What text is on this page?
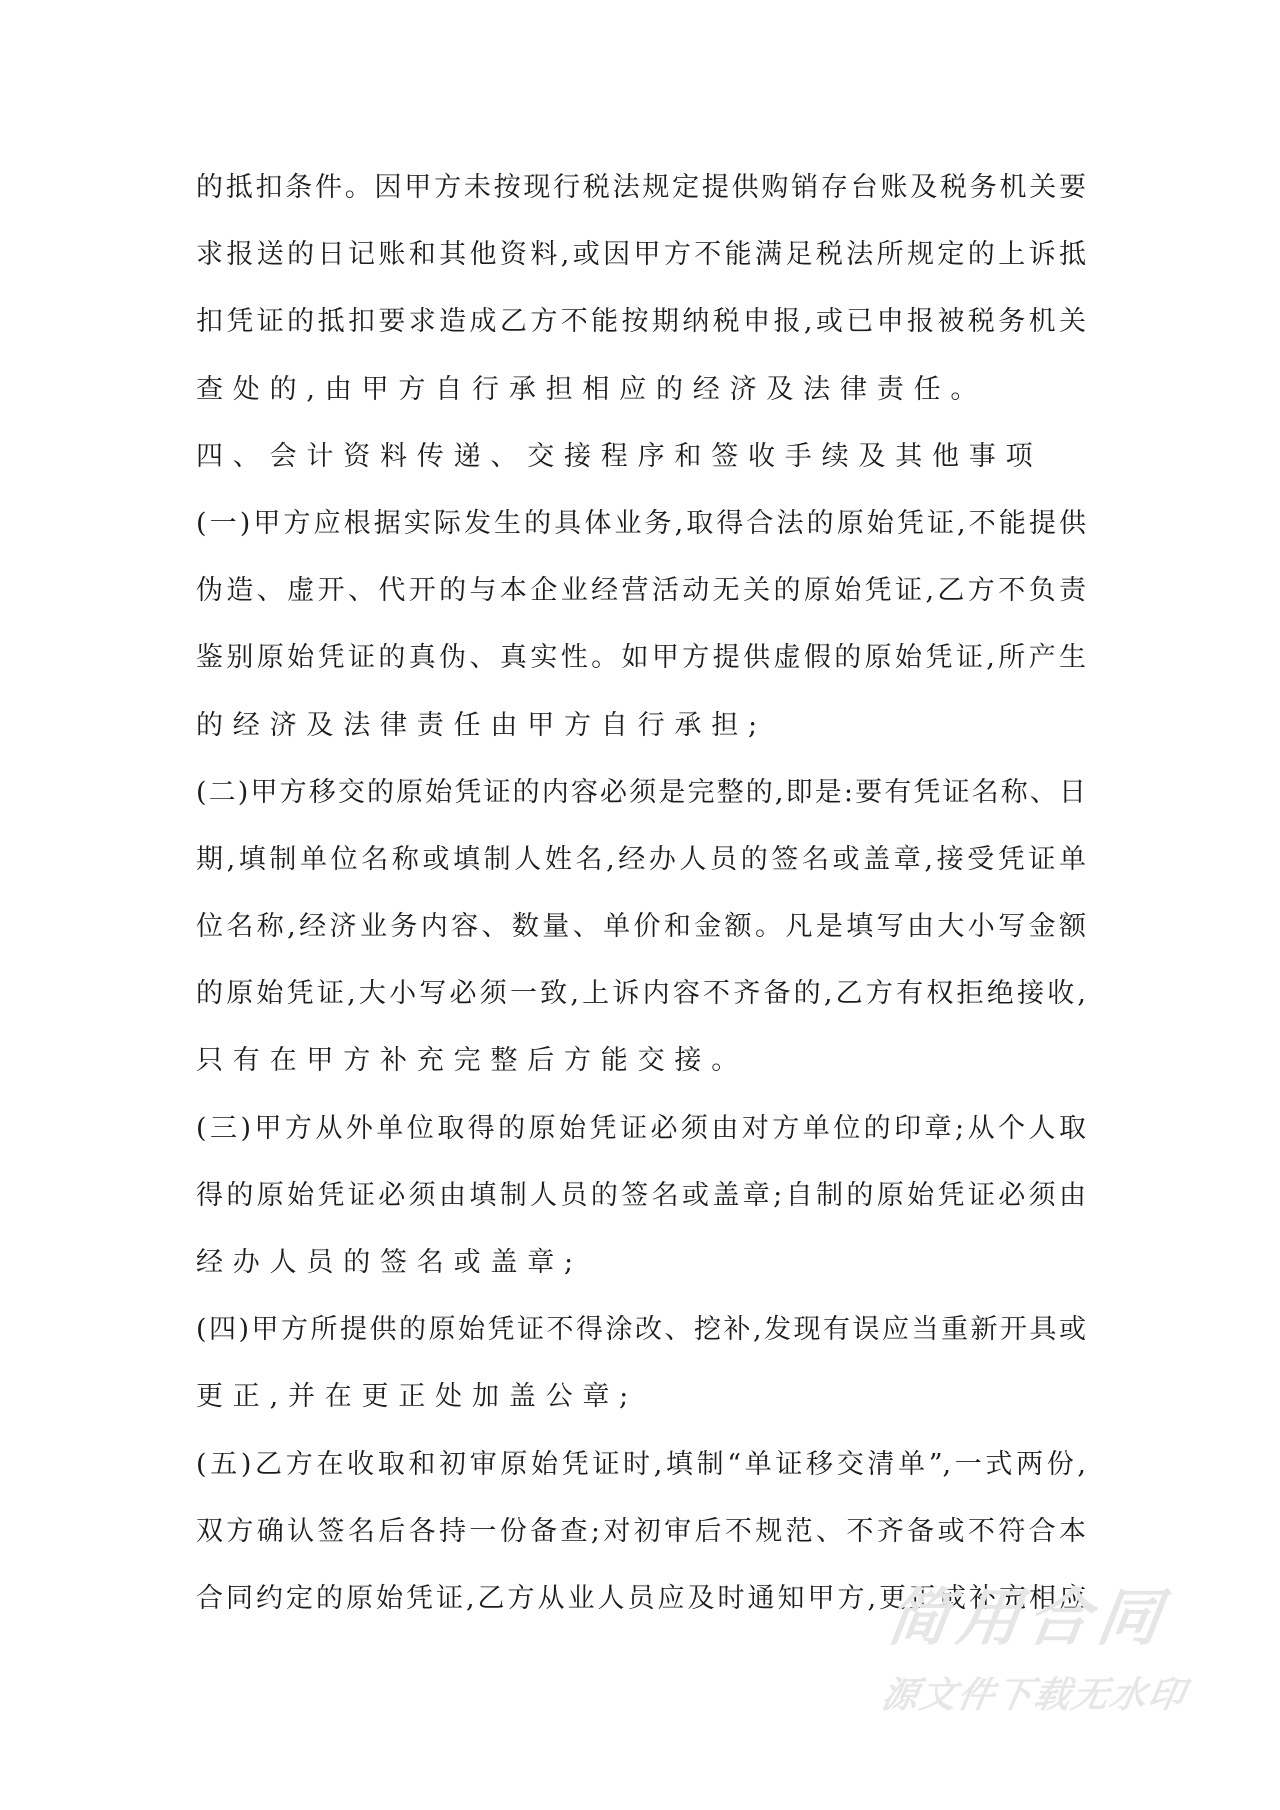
的抵扣条件。因甲方未按现行税法规定提供购销存台账及税务机关要
求报送的日记账和其他资料,或因甲方不能满足税法所规定的上诉抵
扣凭证的抵扣要求造成乙方不能按期纳税申报,或已申报被税务机关
查处的,由甲方自行承担相应的经济及法律责任。
四、会计资料传递、交接程序和签收手续及其他事项
(一)甲方应根据实际发生的具体业务,取得合法的原始凭证,不能提供
伪造、虚开、代开的与本企业经营活动无关的原始凭证,乙方不负责
鉴别原始凭证的真伪、真实性。如甲方提供虚假的原始凭证,所产生
的经济及法律责任由甲方自行承担;
(二)甲方移交的原始凭证的内容必须是完整的,即是:要有凭证名称、日
期,填制单位名称或填制人姓名,经办人员的签名或盖章,接受凭证单
位名称,经济业务内容、数量、单价和金额。凡是填写由大小写金额
的原始凭证,大小写必须一致,上诉内容不齐备的,乙方有权拒绝接收,
只有在甲方补充完整后方能交接。
(三)甲方从外单位取得的原始凭证必须由对方单位的印章;从个人取
得的原始凭证必须由填制人员的签名或盖章;自制的原始凭证必须由
经办人员的签名或盖章;
(四)甲方所提供的原始凭证不得涂改、挖补,发现有误应当重新开具或
更正,并在更正处加盖公章;
(五)乙方在收取和初审原始凭证时,填制“单证移交清单”,一式两份,
双方确认签名后各持一份备查;对初审后不规范、不齐备或不符合本
合同约定的原始凭证,乙方从业人员应及时通知甲方,更正或补充相应
简用合同
源文件下载无水印
